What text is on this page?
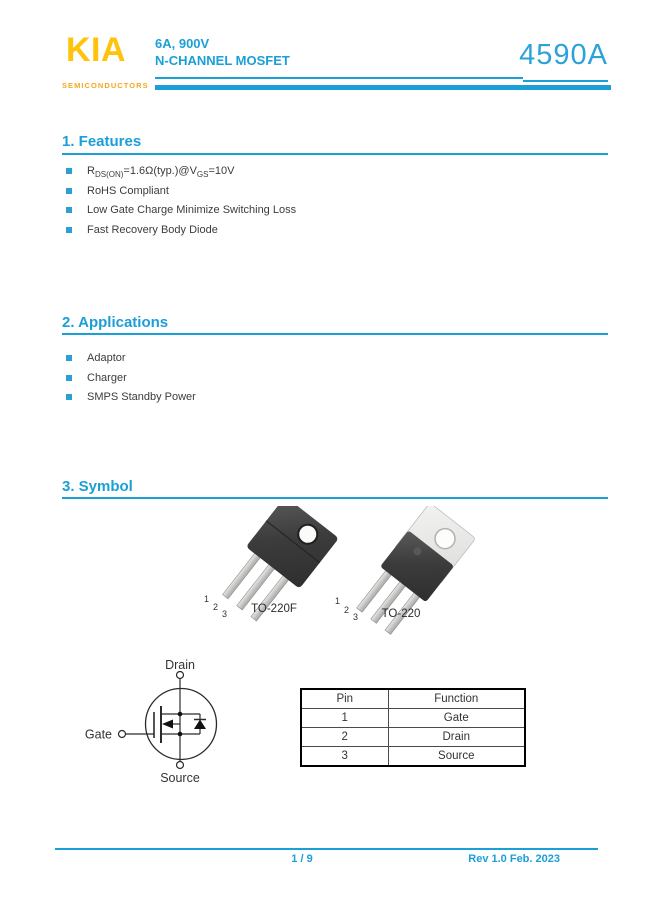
KIA
SEMICONDUCTORS
6A, 900V
N-CHANNEL MOSFET	4590A
1. Features
$R_{DS(ON)}=1.6\Omega(typ.)@V_{GS}=10V$
RoHS Compliant
Low Gate Charge Minimize Switching Loss
Fast Recovery Body Diode
2. Applications
Adaptor
Charger
SMPS Standby Power
3. Symbol
1
2
3 TO-220F
1
2
3 TO-220
Drain
Gate
Source
Pin	Function
1	Gate
2	Drain
3	Source
1 / 9	Rev 1.0 Feb. 2023
